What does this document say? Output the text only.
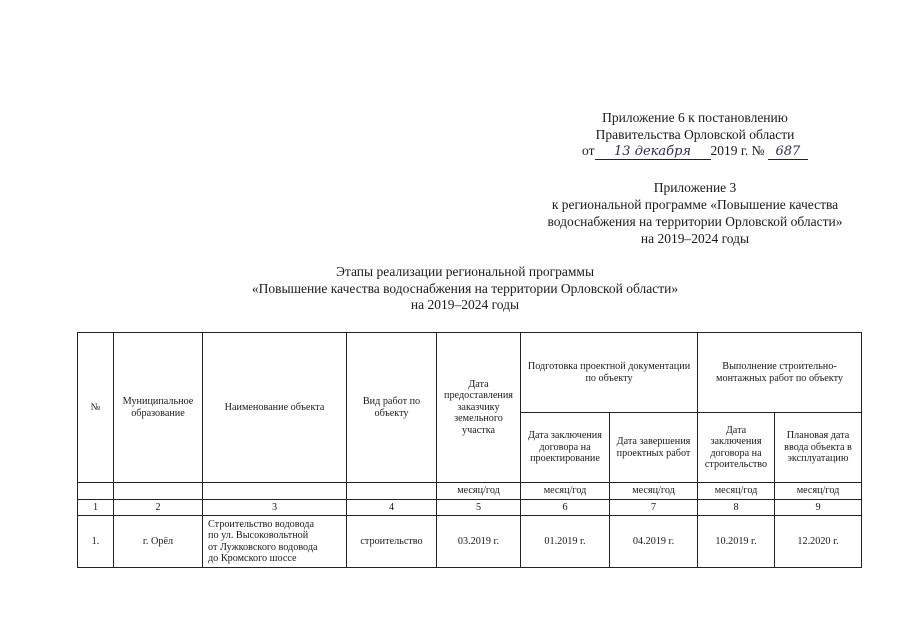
Приложение 6 к постановлению
Правительства Орловской области
от 13 декабря 2019 г. № 687
Приложение 3
к региональной программе «Повышение качества
водоснабжения на территории Орловской области»
на 2019–2024 годы
Этапы реализации региональной программы
«Повышение качества водоснабжения на территории Орловской области»
на 2019–2024 годы
№	Муниципальное образование	Наименование объекта	Вид работ по объекту	Дата предоставления заказчику земельного участка	Подготовка проектной документации по объекту		Выполнение строительно-монтажных работ по объекту	
					Дата заключения договора на проектирование	Дата завершения проектных работ	Дата заключения договора на строительство	Плановая дата ввода объекта в эксплуатацию
				месяц/год	месяц/год	месяц/год	месяц/год	месяц/год
1	2	3	4	5	6	7	8	9
1.	г. Орёл	Строительство водовода
по ул. Высоковольтной
от Лужковского водовода
до Кромского шоссе	строительство	03.2019 г.	01.2019 г.	04.2019 г.	10.2019 г.	12.2020 г.
